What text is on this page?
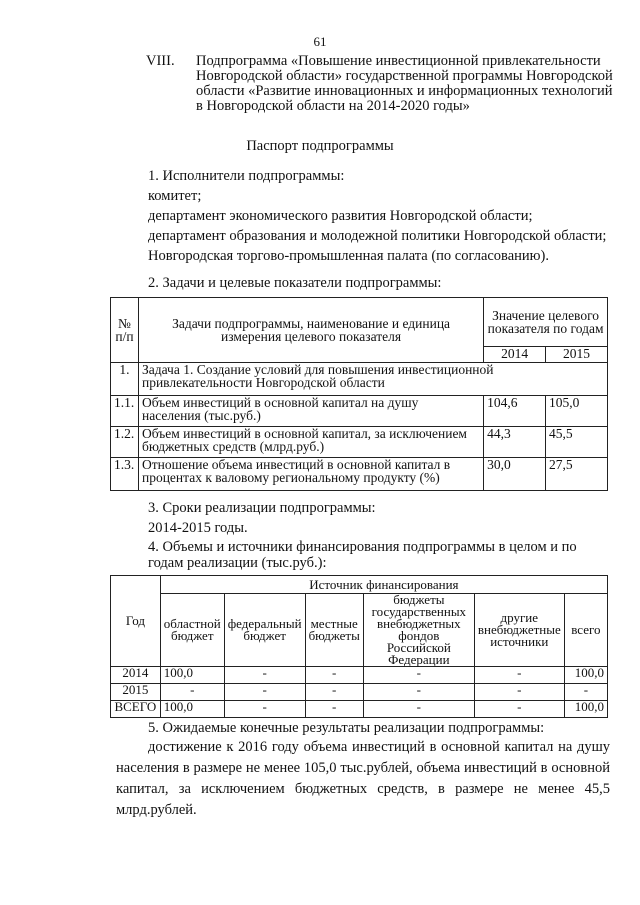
61
VIII. Подпрограмма «Повышение инвестиционной привлекательности Новгородской области» государственной программы Новгородской области «Развитие инновационных и информационных технологий в Новгородской области на 2014-2020 годы»
Паспорт подпрограммы
1. Исполнители подпрограммы:
комитет;
департамент экономического развития Новгородской области;
департамент образования и молодежной политики Новгородской области;
Новгородская торгово-промышленная палата (по согласованию).
2. Задачи и целевые показатели подпрограммы:
№ п/п	Задачи подпрограммы, наименование и единица измерения целевого показателя	Значение целевого показателя по годам	
		2014	2015
1.	Задача 1. Создание условий для повышения инвестиционной привлекательности Новгородской области		
1.1.	Объем инвестиций в основной капитал на душу населения (тыс.руб.)	104,6	105,0
1.2.	Объем инвестиций в основной капитал, за исключением бюджетных средств (млрд.руб.)	44,3	45,5
1.3.	Отношение объема инвестиций в основной капитал в процентах к валовому региональному продукту (%)	30,0	27,5
3. Сроки реализации подпрограммы:
2014-2015 годы.
4. Объемы и источники финансирования подпрограммы в целом и по годам реализации (тыс.руб.):
Год	Источник финансирования					
	областной бюджет	федеральный бюджет	местные бюджеты	бюджеты государственных внебюджетных фондов Российской Федерации	другие внебюджетные источники	всего
2014	100,0	-	-	-	-	100,0
2015	-	-	-	-	-	-
ВСЕГО	100,0	-	-	-	-	100,0
5. Ожидаемые конечные результаты реализации подпрограммы:
достижение к 2016 году объема инвестиций в основной капитал на душу населения в размере не менее 105,0 тыс.рублей, объема инвестиций в основной капитал, за исключением бюджетных средств, в размере не менее 45,5 млрд.рублей.
